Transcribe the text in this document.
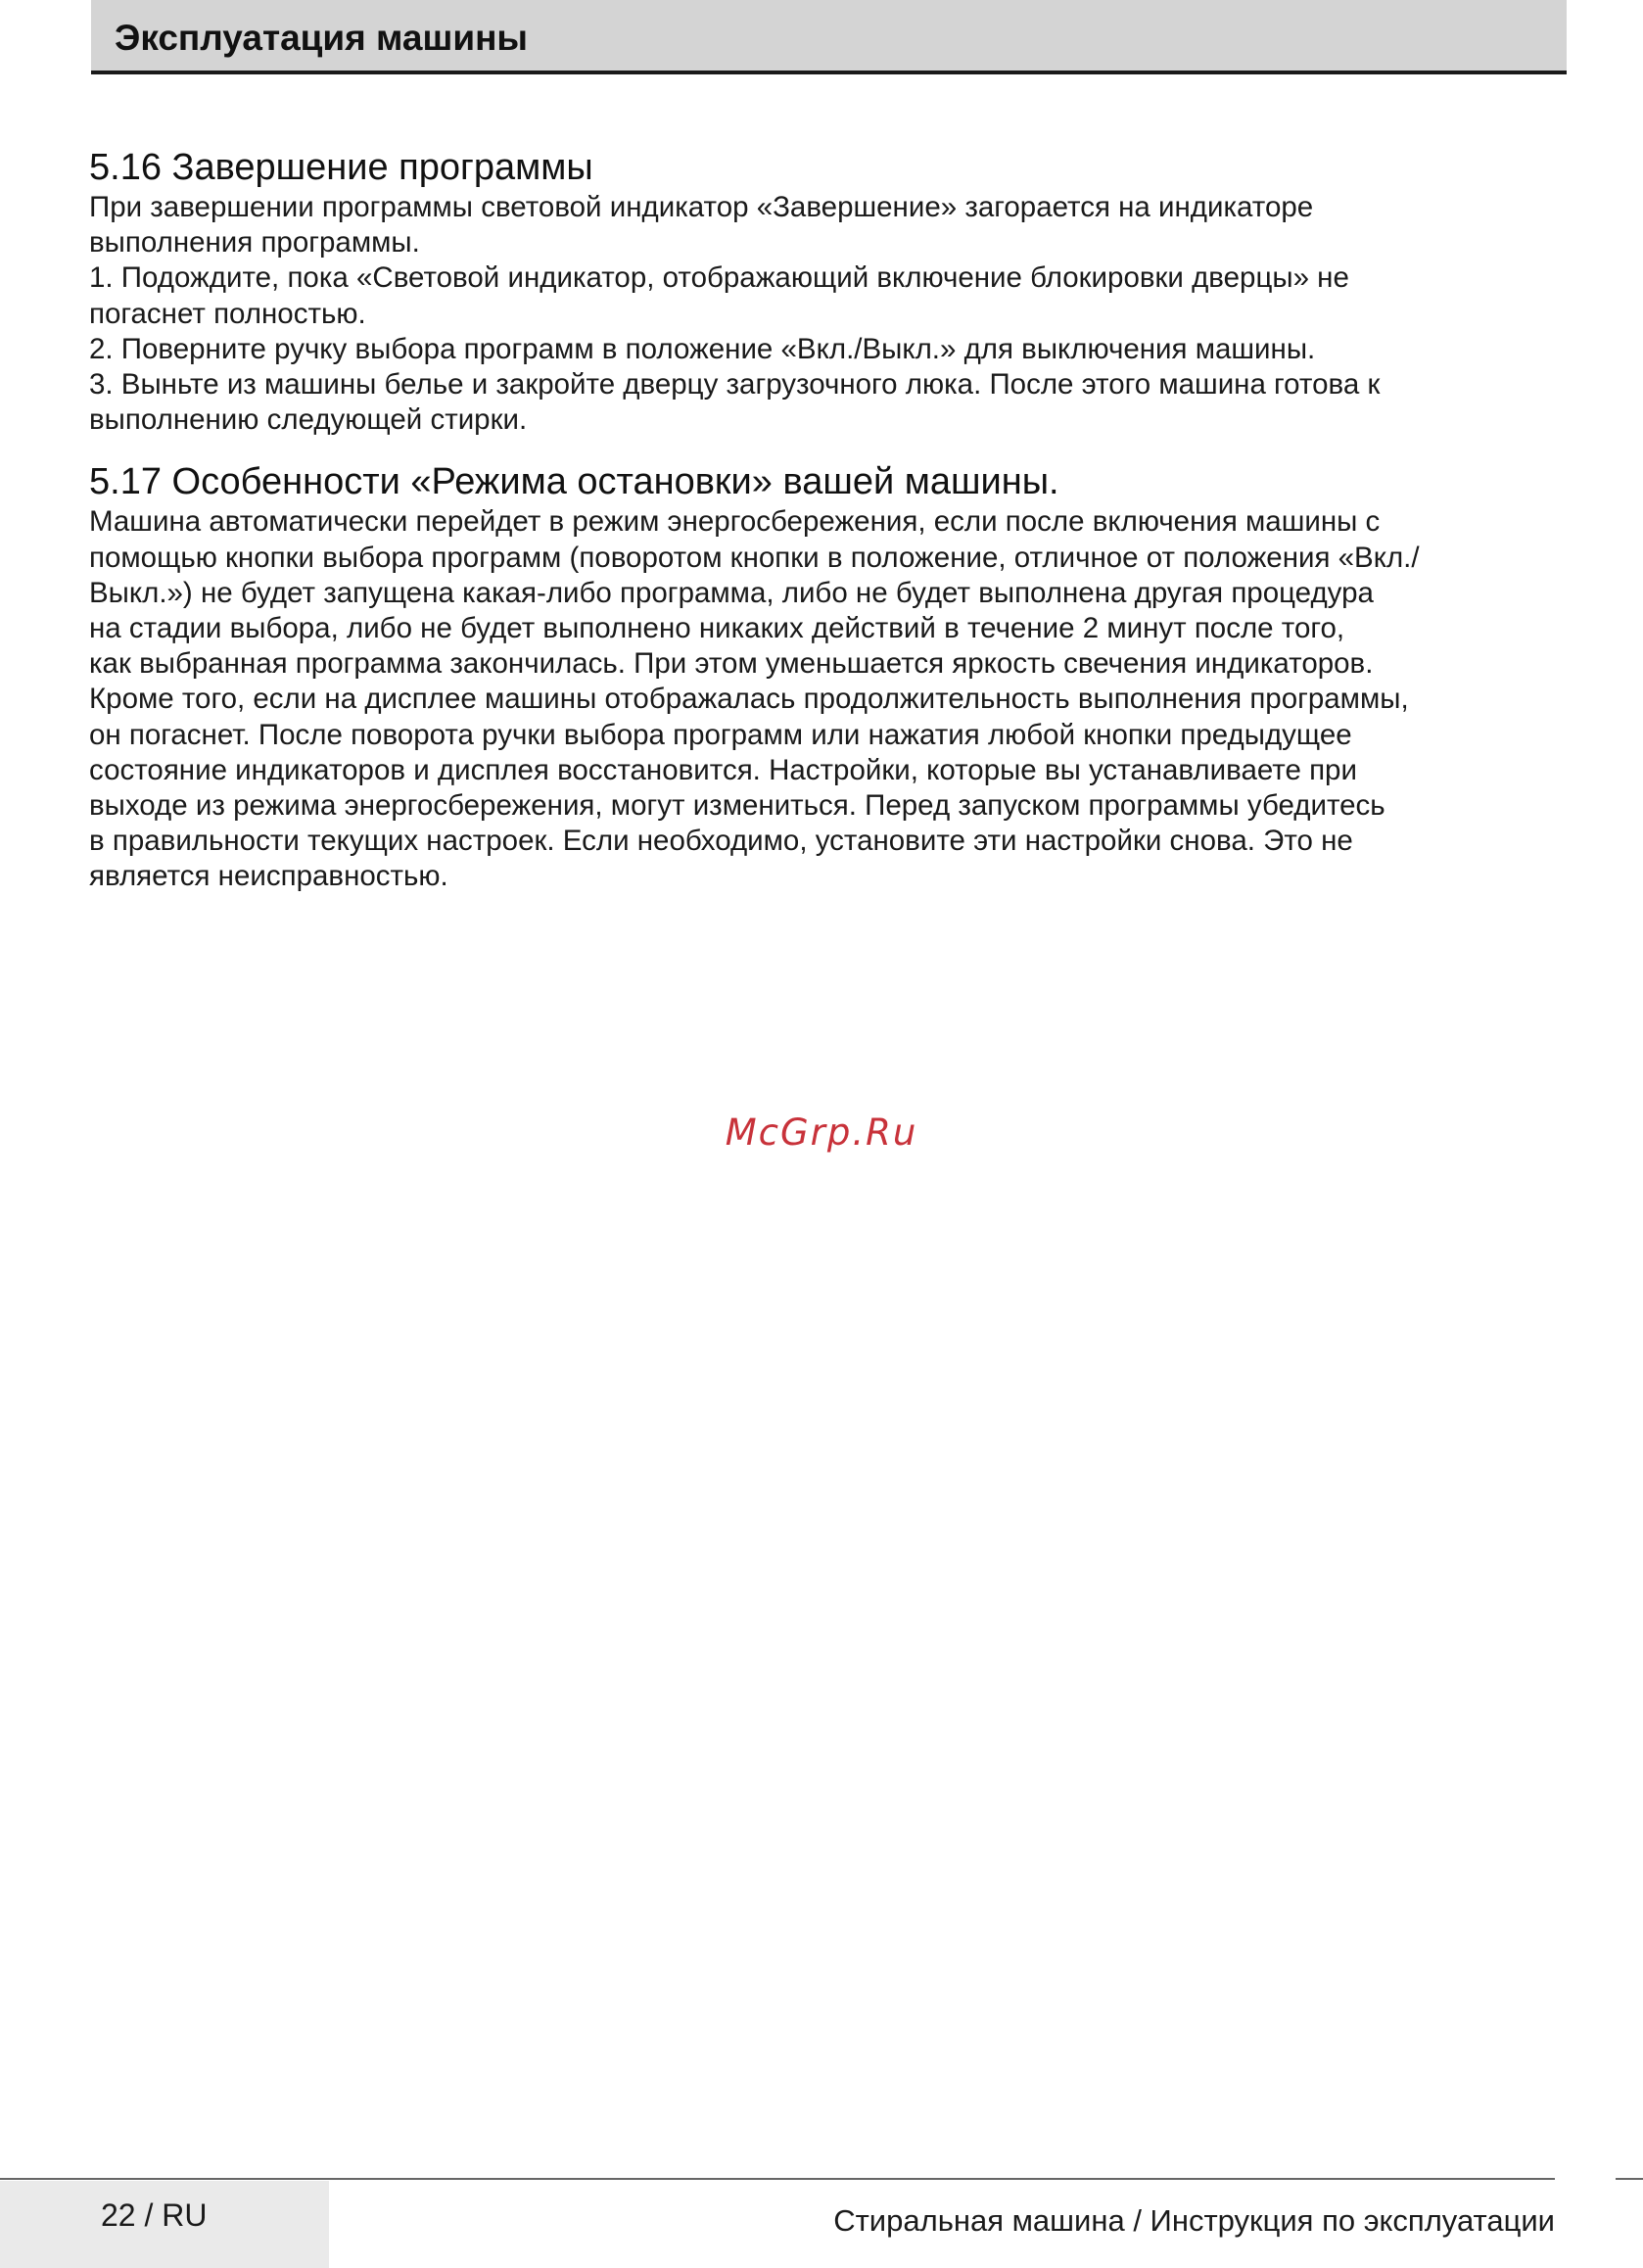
Эксплуатация машины
5.16 Завершение программы

При завершении программы световой индикатор «Завершение» загорается на индикаторе

выполнения программы.

1. Подождите, пока «Световой индикатор, отображающий включение блокировки дверцы» не

погаснет полностью.

2. Поверните ручку выбора программ в положение «Вкл./Выкл.» для выключения машины.

3. Выньте из машины белье и закройте дверцу загрузочного люка. После этого машина готова к

выполнению следующей стирки.

5.17 Особенности «Режима остановки» вашей машины.

Машина автоматически перейдет в режим энергосбережения, если после включения машины с

помощью кнопки выбора программ (поворотом кнопки в положение, отличное от положения «Вкл./

Выкл.») не будет запущена какая-либо программа, либо не будет выполнена другая процедура

на стадии выбора, либо не будет выполнено никаких действий в течение 2 минут после того,

как выбранная программа закончилась. При этом уменьшается яркость свечения индикаторов.

Кроме того, если на дисплее машины отображалась продолжительность выполнения программы,

он погаснет. После поворота ручки выбора программ или нажатия любой кнопки предыдущее

состояние индикаторов и дисплея восстановится. Настройки, которые вы устанавливаете при

выходе из режима энергосбережения, могут измениться. Перед запуском программы убедитесь

в правильности текущих настроек. Если необходимо, установите эти настройки снова. Это не

является неисправностью.

McGrp.Ru
22 / RU	Стиральная машина / Инструкция по эксплуатации
